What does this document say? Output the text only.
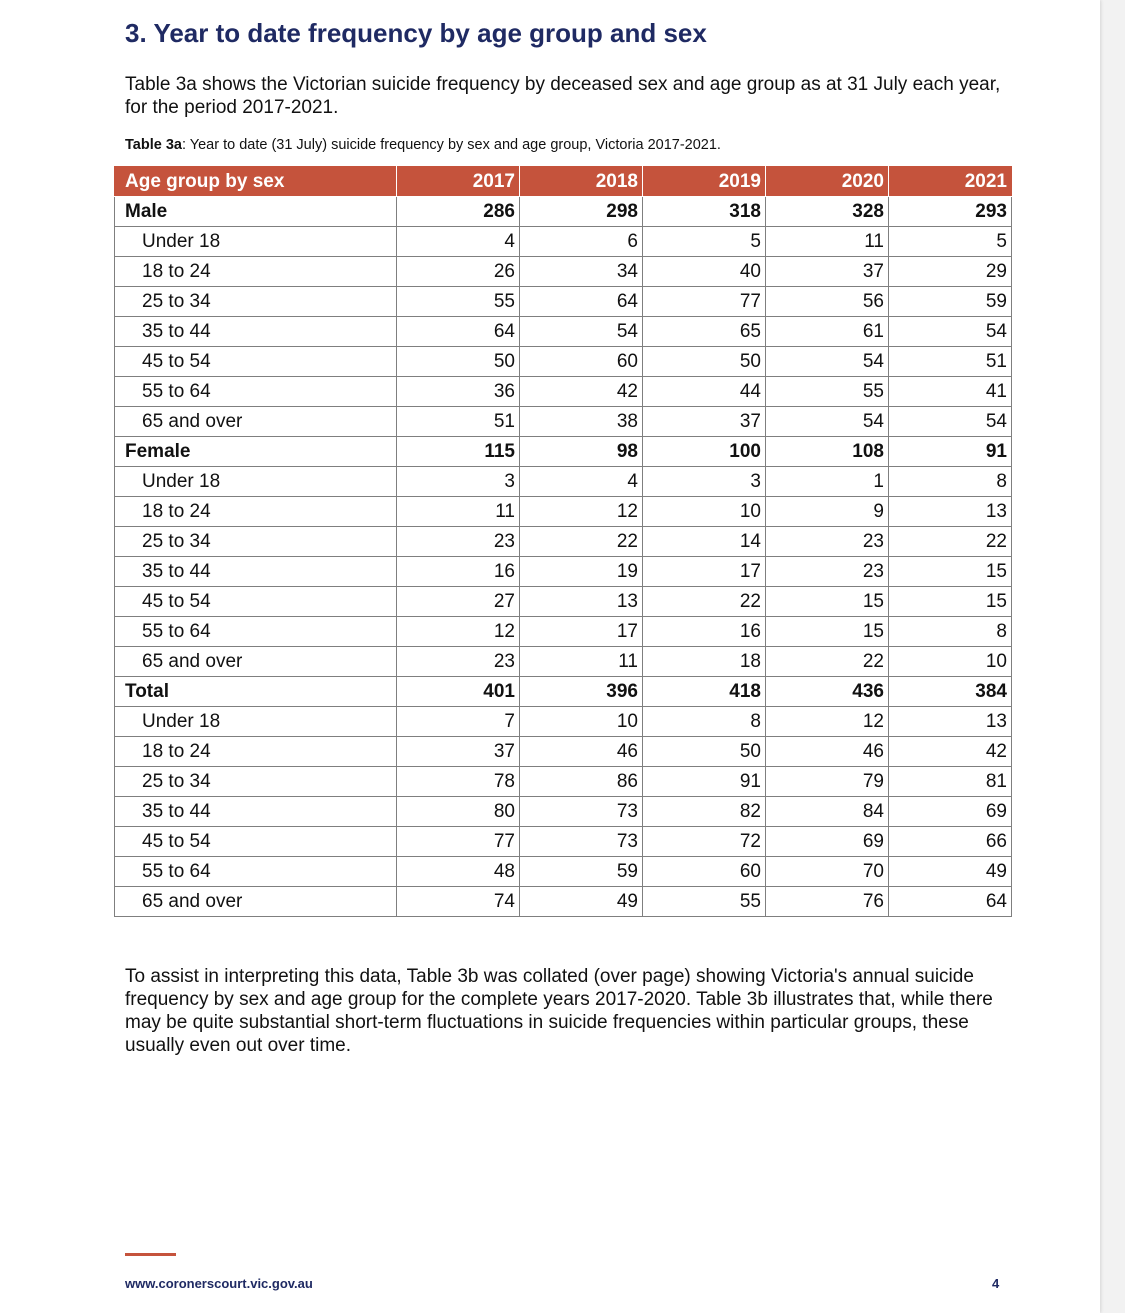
3. Year to date frequency by age group and sex

Table 3a shows the Victorian suicide frequency by deceased sex and age group as at 31 July each year, for the period 2017-2021.

Table 3a: Year to date (31 July) suicide frequency by sex and age group, Victoria 2017-2021.

Age group by sex	2017	2018	2019	2020	2021
Male	286	298	318	328	293
Under 18	4	6	5	11	5
18 to 24	26	34	40	37	29
25 to 34	55	64	77	56	59
35 to 44	64	54	65	61	54
45 to 54	50	60	50	54	51
55 to 64	36	42	44	55	41
65 and over	51	38	37	54	54
Female	115	98	100	108	91
Under 18	3	4	3	1	8
18 to 24	11	12	10	9	13
25 to 34	23	22	14	23	22
35 to 44	16	19	17	23	15
45 to 54	27	13	22	15	15
55 to 64	12	17	16	15	8
65 and over	23	11	18	22	10
Total	401	396	418	436	384
Under 18	7	10	8	12	13
18 to 24	37	46	50	46	42
25 to 34	78	86	91	79	81
35 to 44	80	73	82	84	69
45 to 54	77	73	72	69	66
55 to 64	48	59	60	70	49
65 and over	74	49	55	76	64

To assist in interpreting this data, Table 3b was collated (over page) showing Victoria's annual suicide frequency by sex and age group for the complete years 2017-2020. Table 3b illustrates that, while there may be quite substantial short-term fluctuations in suicide frequencies within particular groups, these usually even out over time.

www.coronerscourt.vic.gov.au	4
